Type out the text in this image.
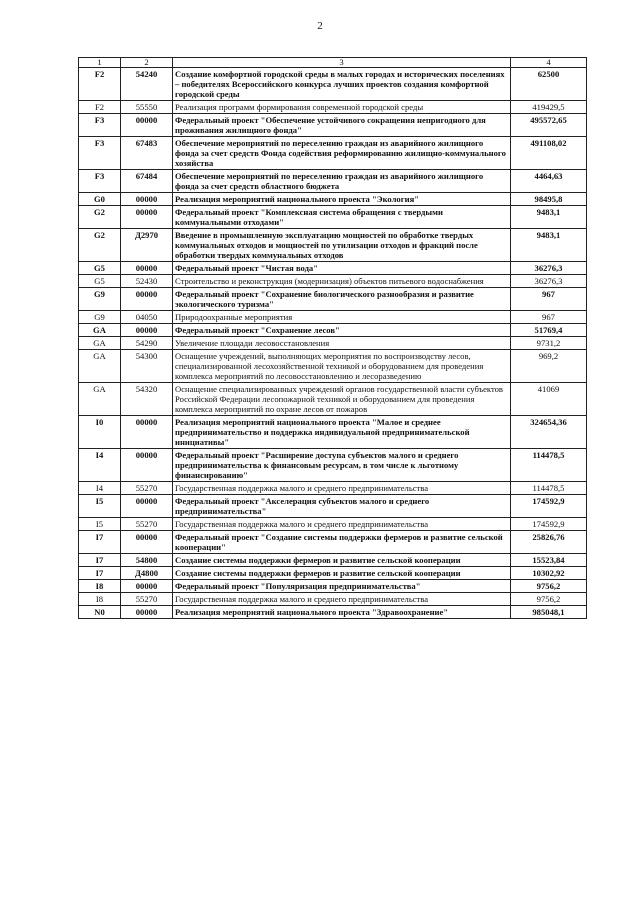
2
1	2	3	4
F2	54240	Создание комфортной городской среды в малых городах и исторических поселениях – победителях Всероссийского конкурса лучших проектов создания комфортной городской среды	62500
F2	55550	Реализация программ формирования современной городской среды	419429,5
F3	00000	Федеральный проект "Обеспечение устойчивого сокращения непригодного для проживания жилищного фонда"	495572,65
F3	67483	Обеспечение мероприятий по переселению граждан из аварийного жилищного фонда за счет средств Фонда содействия реформированию жилищно-коммунального хозяйства	491108,02
F3	67484	Обеспечение мероприятий по переселению граждан из аварийного жилищного фонда за счет средств областного бюджета	4464,63
G0	00000	Реализация мероприятий национального проекта "Экология"	98495,8
G2	00000	Федеральный проект "Комплексная система обращения с твердыми коммунальными отходами"	9483,1
G2	Д2970	Введение в промышленную эксплуатацию мощностей по обработке твердых коммунальных отходов и мощностей по утилизации отходов и фракций после обработки твердых коммунальных отходов	9483,1
G5	00000	Федеральный проект "Чистая вода"	36276,3
G5	52430	Строительство и реконструкция (модернизация) объектов питьевого водоснабжения	36276,3
G9	00000	Федеральный проект "Сохранение биологического разнообразия и развитие экологического туризма"	967
G9	04050	Природоохранные мероприятия	967
GA	00000	Федеральный проект "Сохранение лесов"	51769,4
GA	54290	Увеличение площади лесовосстановления	9731,2
GA	54300	Оснащение учреждений, выполняющих мероприятия по воспроизводству лесов, специализированной лесохозяйственной техникой и оборудованием для проведения комплекса мероприятий по лесовосстановлению и лесоразведению	969,2
GA	54320	Оснащение специализированных учреждений органов государственной власти субъектов Российской Федерации лесопожарной техникой и оборудованием для проведения комплекса мероприятий по охране лесов от пожаров	41069
I0	00000	Реализация мероприятий национального проекта "Малое и среднее предпринимательство и поддержка индивидуальной предпринимательской инициативы"	324654,36
I4	00000	Федеральный проект "Расширение доступа субъектов малого и среднего предпринимательства к финансовым ресурсам, в том числе к льготному финансированию"	114478,5
I4	55270	Государственная поддержка малого и среднего предпринимательства	114478,5
I5	00000	Федеральный проект "Акселерация субъектов малого и среднего предпринимательства"	174592,9
I5	55270	Государственная поддержка малого и среднего предпринимательства	174592,9
I7	00000	Федеральный проект "Создание системы поддержки фермеров и развитие сельской кооперации"	25826,76
I7	54800	Создание системы поддержки фермеров и развитие сельской кооперации	15523,84
I7	Д4800	Создание системы поддержки фермеров и развитие сельской кооперации	10302,92
I8	00000	Федеральный проект "Популяризация предпринимательства"	9756,2
I8	55270	Государственная поддержка малого и среднего предпринимательства	9756,2
N0	00000	Реализация мероприятий национального проекта "Здравоохранение"	985048,1
